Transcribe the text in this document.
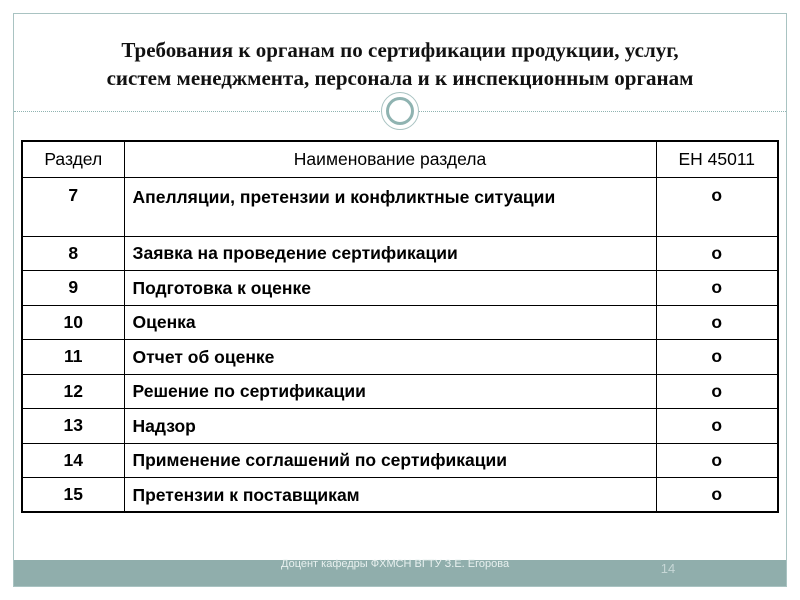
Требования к органам по сертификации продукции, услуг,
систем менеджмента, персонала и к инспекционным органам
Раздел	Наименование раздела	ЕН 45011
7	Апелляции, претензии и конфликтные ситуации	о
8	Заявка на проведение сертификации	о
9	Подготовка к оценке	о
10	Оценка	о
11	Отчет об оценке	о
12	Решение по сертификации	о
13	Надзор	о
14	Применение соглашений по сертификации	о
15	Претензии к поставщикам	о
Доцент кафедры ФХМСН ВГТУ З.Е. Егорова	14
